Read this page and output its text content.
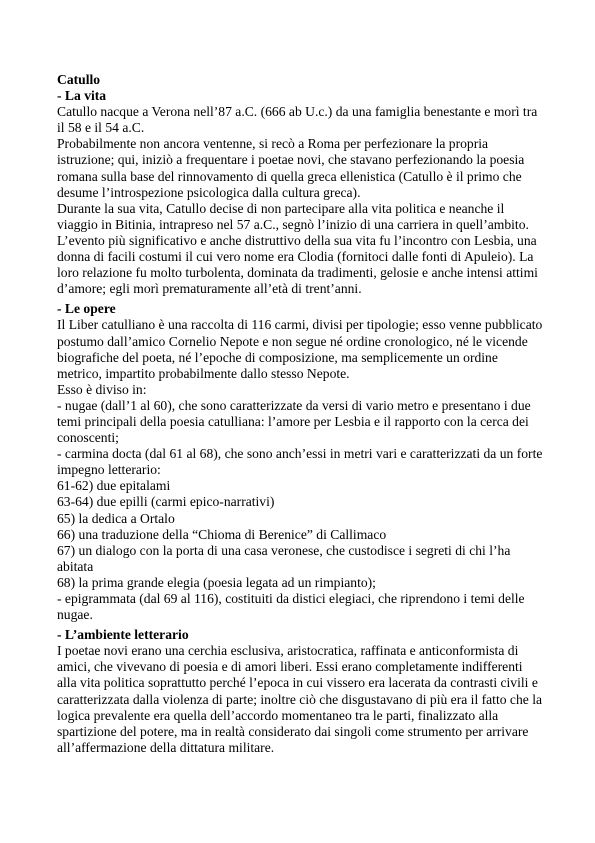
Catullo

- La vita

Catullo nacque a Verona nell’87 a.C. (666 ab U.c.) da una famiglia benestante e morì tra il 58 e il 54 a.C.

Probabilmente non ancora ventenne, si recò a Roma per perfezionare la propria istruzione; qui, iniziò a frequentare i poetae novi, che stavano perfezionando la poesia romana sulla base del rinnovamento di quella greca ellenistica (Catullo è il primo che desume l’introspezione psicologica dalla cultura greca).

Durante la sua vita, Catullo decise di non partecipare alla vita politica e neanche il viaggio in Bitinia, intrapreso nel 57 a.C., segnò l’inizio di una carriera in quell’ambito.

L’evento più significativo e anche distruttivo della sua vita fu l’incontro con Lesbia, una donna di facili costumi il cui vero nome era Clodia (fornitoci dalle fonti di Apuleio). La loro relazione fu molto turbolenta, dominata da tradimenti, gelosie e anche intensi attimi d’amore; egli morì prematuramente all’età di trent’anni.

- Le opere

Il Liber catulliano è una raccolta di 116 carmi, divisi per tipologie; esso venne pubblicato postumo dall’amico Cornelio Nepote e non segue né ordine cronologico, né le vicende biografiche del poeta, né l’epoche di composizione, ma semplicemente un ordine metrico, impartito probabilmente dallo stesso Nepote.

Esso è diviso in:

- nugae (dall’1 al 60), che sono caratterizzate da versi di vario metro e presentano i due temi principali della poesia catulliana: l’amore per Lesbia e il rapporto con la cerca dei conoscenti;

- carmina docta (dal 61 al 68), che sono anch’essi in metri vari e caratterizzati da un forte impegno letterario:

61-62) due epitalami

63-64) due epilli (carmi epico-narrativi)

65) la dedica a Ortalo

66) una traduzione della “Chioma di Berenice” di Callimaco

67) un dialogo con la porta di una casa veronese, che custodisce i segreti di chi l’ha abitata

68) la prima grande elegia (poesia legata ad un rimpianto);

- epigrammata (dal 69 al 116), costituiti da distici elegiaci, che riprendono i temi delle nugae.

- L’ambiente letterario

I poetae novi erano una cerchia esclusiva, aristocratica, raffinata e anticonformista di amici, che vivevano di poesia e di amori liberi. Essi erano completamente indifferenti alla vita politica soprattutto perché l’epoca in cui vissero era lacerata da contrasti civili e caratterizzata dalla violenza di parte; inoltre ciò che disgustavano di più era il fatto che la logica prevalente era quella dell’accordo momentaneo tra le parti, finalizzato alla spartizione del potere, ma in realtà considerato dai singoli come strumento per arrivare all’affermazione della dittatura militare.
